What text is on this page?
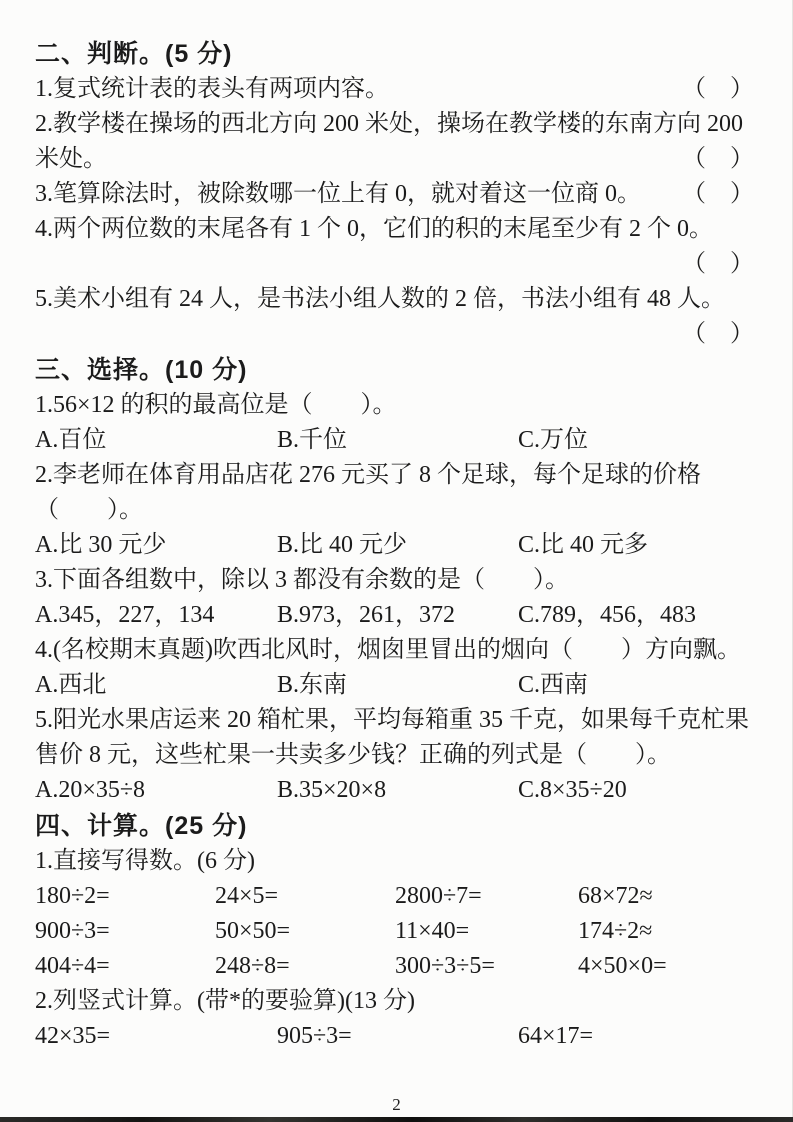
二、判断。(5 分)
1.复式统计表的表头有两项内容。	（　）
2.教学楼在操场的西北方向 200 米处，操场在教学楼的东南方向 200
米处。	（　）
3.笔算除法时，被除数哪一位上有 0，就对着这一位商 0。 （　）
4.两个两位数的末尾各有 1 个 0，它们的积的末尾至少有 2 个 0。
（　）
5.美术小组有 24 人，是书法小组人数的 2 倍，书法小组有 48 人。
（　）
三、选择。(10 分)
1.56×12 的积的最高位是（　　）。
A.百位	B.千位	C.万位
2.李老师在体育用品店花 276 元买了 8 个足球，每个足球的价格
（　　）。
A.比 30 元少	B.比 40 元少	C.比 40 元多
3.下面各组数中，除以 3 都没有余数的是（　　）。
A.345，227，134	B.973，261，372	C.789，456，483
4.(名校期末真题)吹西北风时，烟囱里冒出的烟向（　　）方向飘。
A.西北	B.东南	C.西南
5.阳光水果店运来 20 箱杧果，平均每箱重 35 千克，如果每千克杧果
售价 8 元，这些杧果一共卖多少钱？正确的列式是（　　）。
A.20×35÷8	B.35×20×8	C.8×35÷20
四、计算。(25 分)
1.直接写得数。(6 分)
180÷2=	24×5=	2800÷7=	68×72≈
900÷3=	50×50=	11×40=	174÷2≈
404÷4=	248÷8=	300÷3÷5=	4×50×0=
2.列竖式计算。(带*的要验算)(13 分)
42×35=	905÷3=	64×17=
2
